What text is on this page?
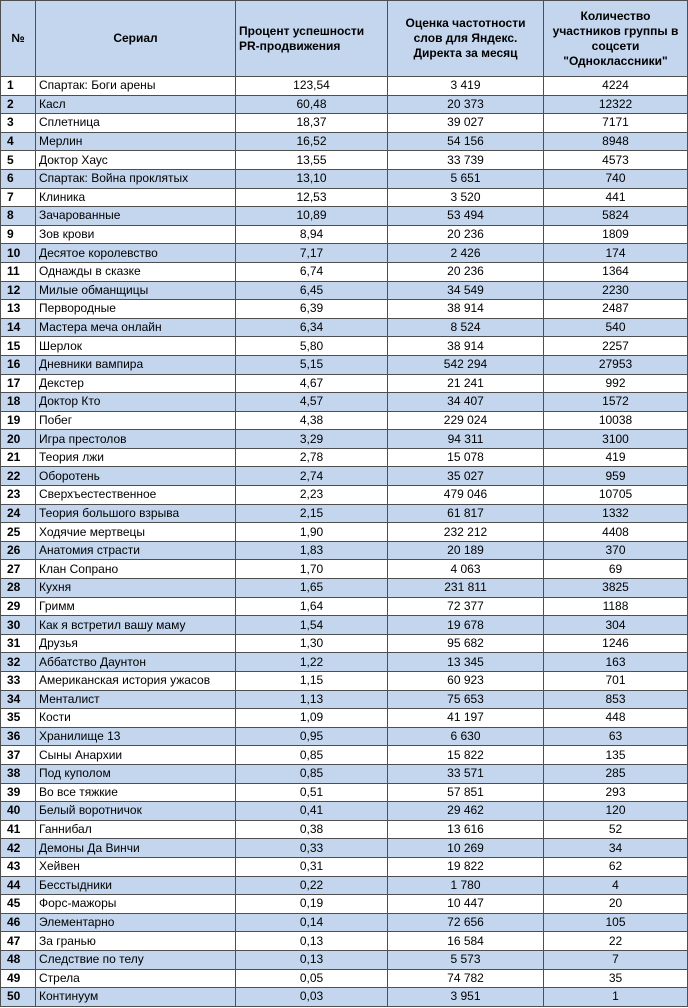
№	Сериал	Процент успешности PR-продвижения	Оценка частотности слов для Яндекс. Директа за месяц	Количество участников группы в соцсети "Одноклассники"
1	Спартак: Боги арены	123,54	3 419	4224
2	Касл	60,48	20 373	12322
3	Сплетница	18,37	39 027	7171
4	Мерлин	16,52	54 156	8948
5	Доктор Хаус	13,55	33 739	4573
6	Спартак: Война проклятых	13,10	5 651	740
7	Клиника	12,53	3 520	441
8	Зачарованные	10,89	53 494	5824
9	Зов крови	8,94	20 236	1809
10	Десятое королевство	7,17	2 426	174
11	Однажды в сказке	6,74	20 236	1364
12	Милые обманщицы	6,45	34 549	2230
13	Первородные	6,39	38 914	2487
14	Мастера меча онлайн	6,34	8 524	540
15	Шерлок	5,80	38 914	2257
16	Дневники вампира	5,15	542 294	27953
17	Декстер	4,67	21 241	992
18	Доктор Кто	4,57	34 407	1572
19	Побег	4,38	229 024	10038
20	Игра престолов	3,29	94 311	3100
21	Теория лжи	2,78	15 078	419
22	Оборотень	2,74	35 027	959
23	Сверхъестественное	2,23	479 046	10705
24	Теория большого взрыва	2,15	61 817	1332
25	Ходячие мертвецы	1,90	232 212	4408
26	Анатомия страсти	1,83	20 189	370
27	Клан Сопрано	1,70	4 063	69
28	Кухня	1,65	231 811	3825
29	Гримм	1,64	72 377	1188
30	Как я встретил вашу маму	1,54	19 678	304
31	Друзья	1,30	95 682	1246
32	Аббатство Даунтон	1,22	13 345	163
33	Американская история ужасов	1,15	60 923	701
34	Менталист	1,13	75 653	853
35	Кости	1,09	41 197	448
36	Хранилище 13	0,95	6 630	63
37	Сыны Анархии	0,85	15 822	135
38	Под куполом	0,85	33 571	285
39	Во все тяжкие	0,51	57 851	293
40	Белый воротничок	0,41	29 462	120
41	Ганнибал	0,38	13 616	52
42	Демоны Да Винчи	0,33	10 269	34
43	Хейвен	0,31	19 822	62
44	Бесстыдники	0,22	1 780	4
45	Форс-мажоры	0,19	10 447	20
46	Элементарно	0,14	72 656	105
47	За гранью	0,13	16 584	22
48	Следствие по телу	0,13	5 573	7
49	Стрела	0,05	74 782	35
50	Континуум	0,03	3 951	1
